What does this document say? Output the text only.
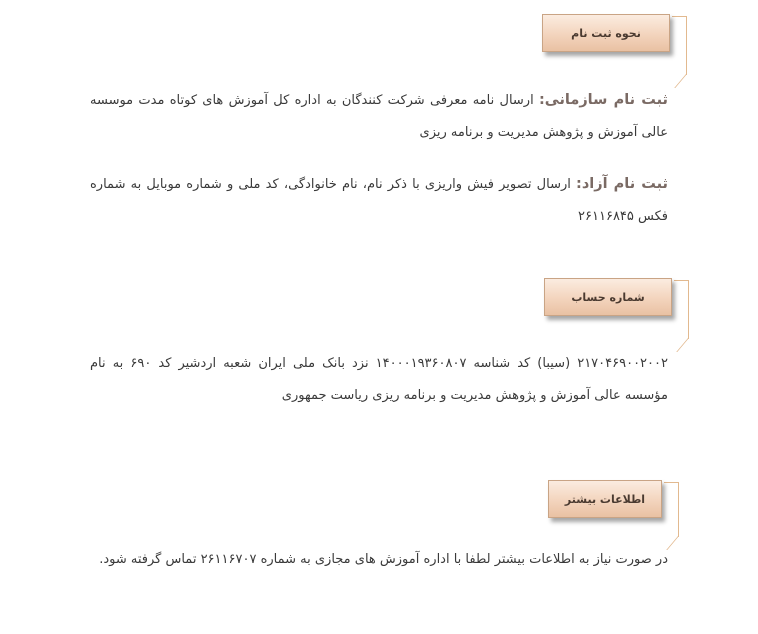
نحوه ثبت نام
ثبت نام سازمانی: ارسال نامه معرفی شرکت کنندگان به اداره کل آموزش های کوتاه مدت موسسه عالی آموزش و پژوهش مدیریت و برنامه ریزی
ثبت نام آزاد: ارسال تصویر فیش واریزی با ذکر نام، نام خانوادگی، کد ملی و شماره موبایل به شماره فکس ۲۶۱۱۶۸۴۵
شماره حساب
۲۱۷۰۴۶۹۰۰۲۰۰۲ (سیبا) کد شناسه ۱۴۰۰۰۱۹۳۶۰۸۰۷ نزد بانک ملی ایران شعبه اردشیر کد ۶۹۰ به نام مؤسسه عالی آموزش و پژوهش مدیریت و برنامه ریزی ریاست جمهوری
اطلاعات بیشتر
در صورت نیاز به اطلاعات بیشتر لطفا با اداره آموزش های مجازی به شماره ۲۶۱۱۶۷۰۷ تماس گرفته شود.
